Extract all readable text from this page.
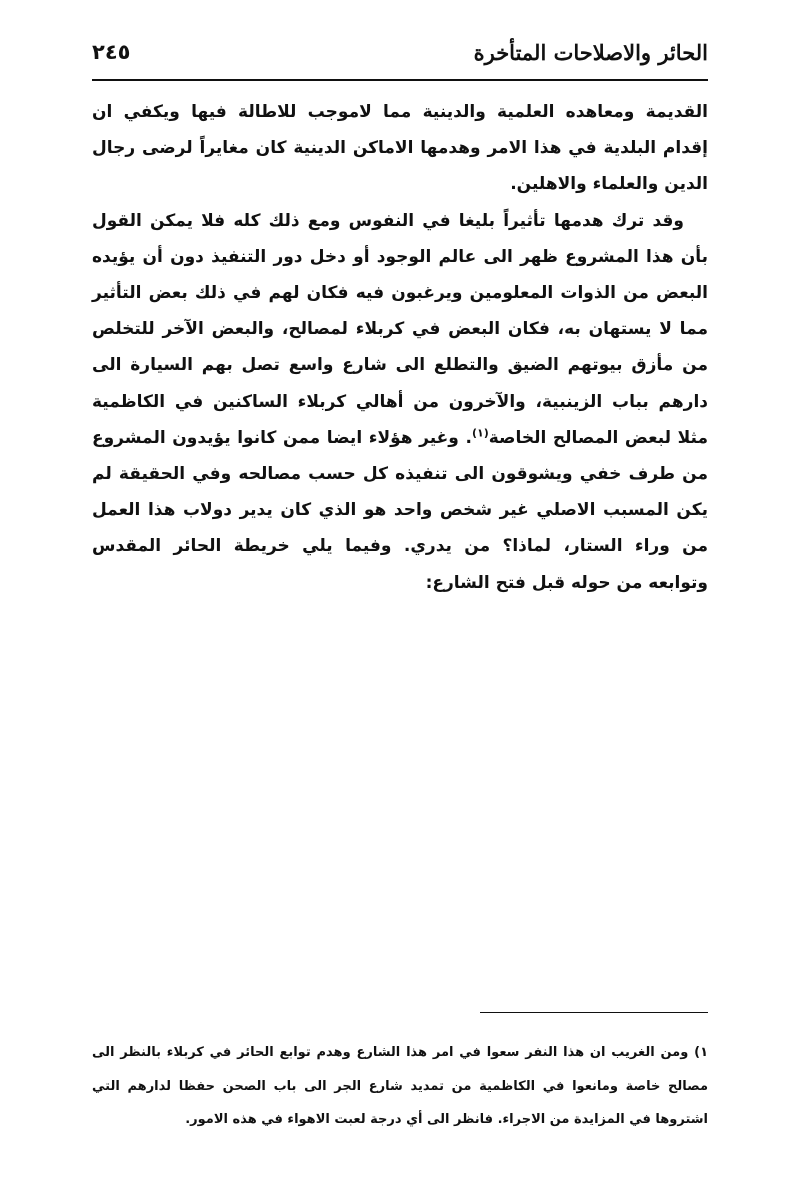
الحائر والاصلاحات المتأخرة
٢٤٥

القديمة ومعاهده العلمية والدينية مما لاموجب للاطالة فيها ويكفي ان إقدام البلدية في هذا الامر وهدمها الاماكن الدينية كان مغايراً لرضى رجال الدين والعلماء والاهلين.

وقد ترك هدمها تأثيراً بليغا في النفوس ومع ذلك كله فلا يمكن القول بأن هذا المشروع ظهر الى عالم الوجود أو دخل دور التنفيذ دون أن يؤيده البعض من الذوات المعلومين ويرغبون فيه فكان لهم في ذلك بعض التأثير مما لا يستهان به، فكان البعض في كربلاء لمصالح، والبعض الآخر للتخلص من مأزق بيوتهم الضيق والتطلع الى شارع واسع تصل بهم السيارة الى دارهم بباب الزينبية، والآخرون من أهالي كربلاء الساكنين في الكاظمية مثلا لبعض المصالح الخاصة$^{(١)}$. وغير هؤلاء ايضا ممن كانوا يؤيدون المشروع من طرف خفي ويشوقون الى تنفيذه كل حسب مصالحه وفي الحقيقة لم يكن المسبب الاصلي غير شخص واحد هو الذي كان يدير دولاب هذا العمل من وراء الستار، لماذا؟ من يدري. وفيما يلي خريطة الحائر المقدس وتوابعه من حوله قبل فتح الشارع:

١) ومن الغريب ان هذا النفر سعوا في امر هذا الشارع وهدم توابع الحائر في كربلاء بالنظر الى مصالح خاصة ومانعوا في الكاظمية من تمديد شارع الجر الى باب الصحن حفظا لدارهم التي اشتروها في المزايدة من الاجراء. فانظر الى أي درجة لعبت الاهواء في هذه الامور.
